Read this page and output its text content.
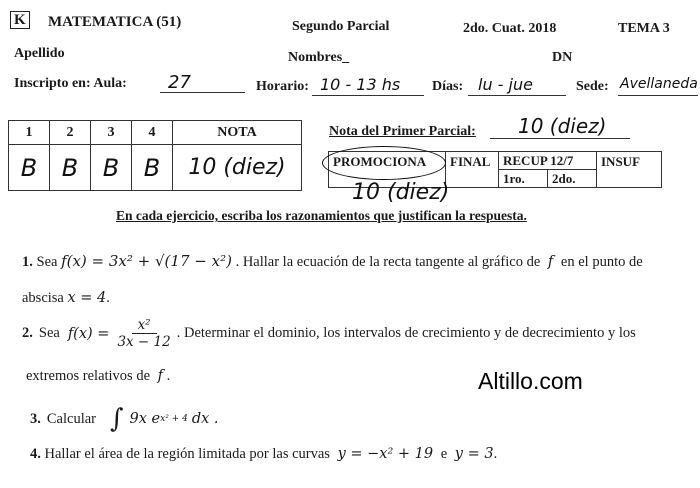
K MATEMATICA (51)	Segundo Parcial	2do. Cuat. 2018	TEMA 3
Apellido	Nombres_	DN
Inscripto en: Aula:	27	Horario: 10 - 13 hs	Días: lu - jue	Sede: Avellaneda
1	2	3	4	NOTA
B	B	B	B	10 (diez)
Nota del Primer Parcial: 10 (diez)
PROMOCIONA	FINAL	RECUP 12/7		INSUF
		1ro.	2do.	
10 (diez)
En cada ejercicio, escriba los razonamientos que justifican la respuesta.
1. Sea f(x) = 3x² + √(17 − x²) . Hallar la ecuación de la recta tangente al gráfico de f en el punto de
abscisa x = 4.
2. Sea $f(x) = \frac{\text{x²}}{3x - 12}$ . Determinar el dominio, los intervalos de crecimiento y de decrecimiento y los
extremos relativos de f .	Altillo.com
3. Calcular ∫ 9x e x² + 4 dx .
4. Hallar el área de la región limitada por las curvas y = −x² + 19 e y = 3.
